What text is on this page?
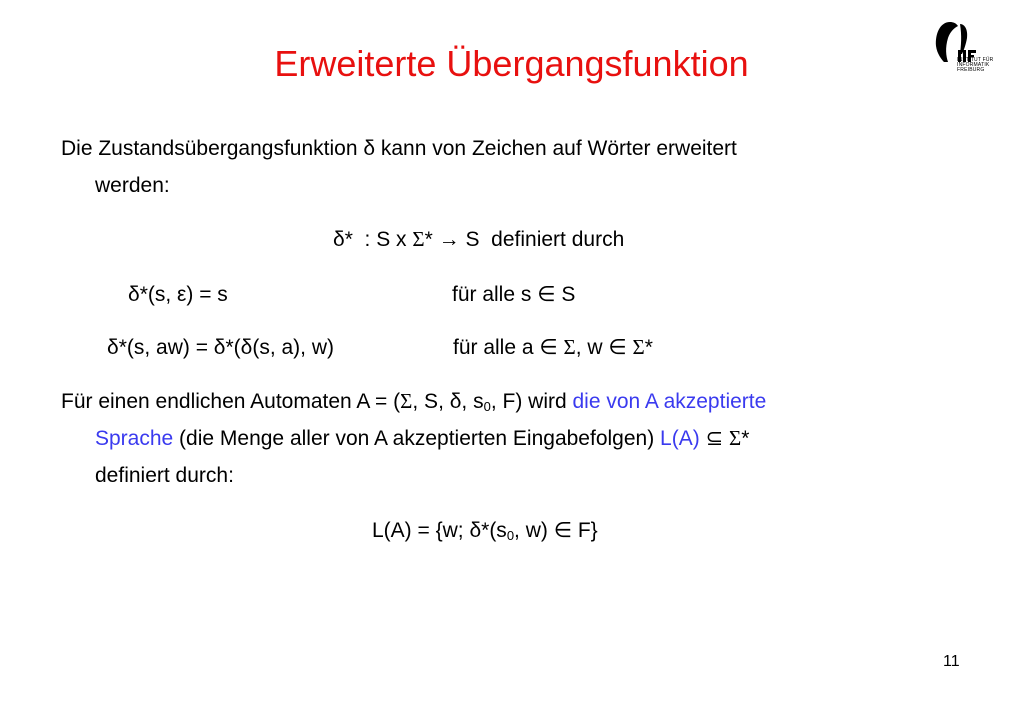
Erweiterte Übergangsfunktion	INSTITUT FÜR
INFORMATIK
FREIBURG
Die Zustandsübergangsfunktion δ kann von Zeichen auf Wörter erweitert
werden:
δ* : S x Σ* → S definiert durch
δ*(s, ε) = s	für alle s ∈ S
δ*(s, aw) = δ*(δ(s, a), w)	für alle a ∈ Σ, w ∈ Σ*
Für einen endlichen Automaten A = (Σ, S, δ, $s_0$, F) wird die von A akzeptierte
Sprache (die Menge aller von A akzeptierten Eingabefolgen) L(A) ⊆ Σ*
definiert durch:
L(A) = {w; $\delta*(s_0$, w) ∈ F}
11
